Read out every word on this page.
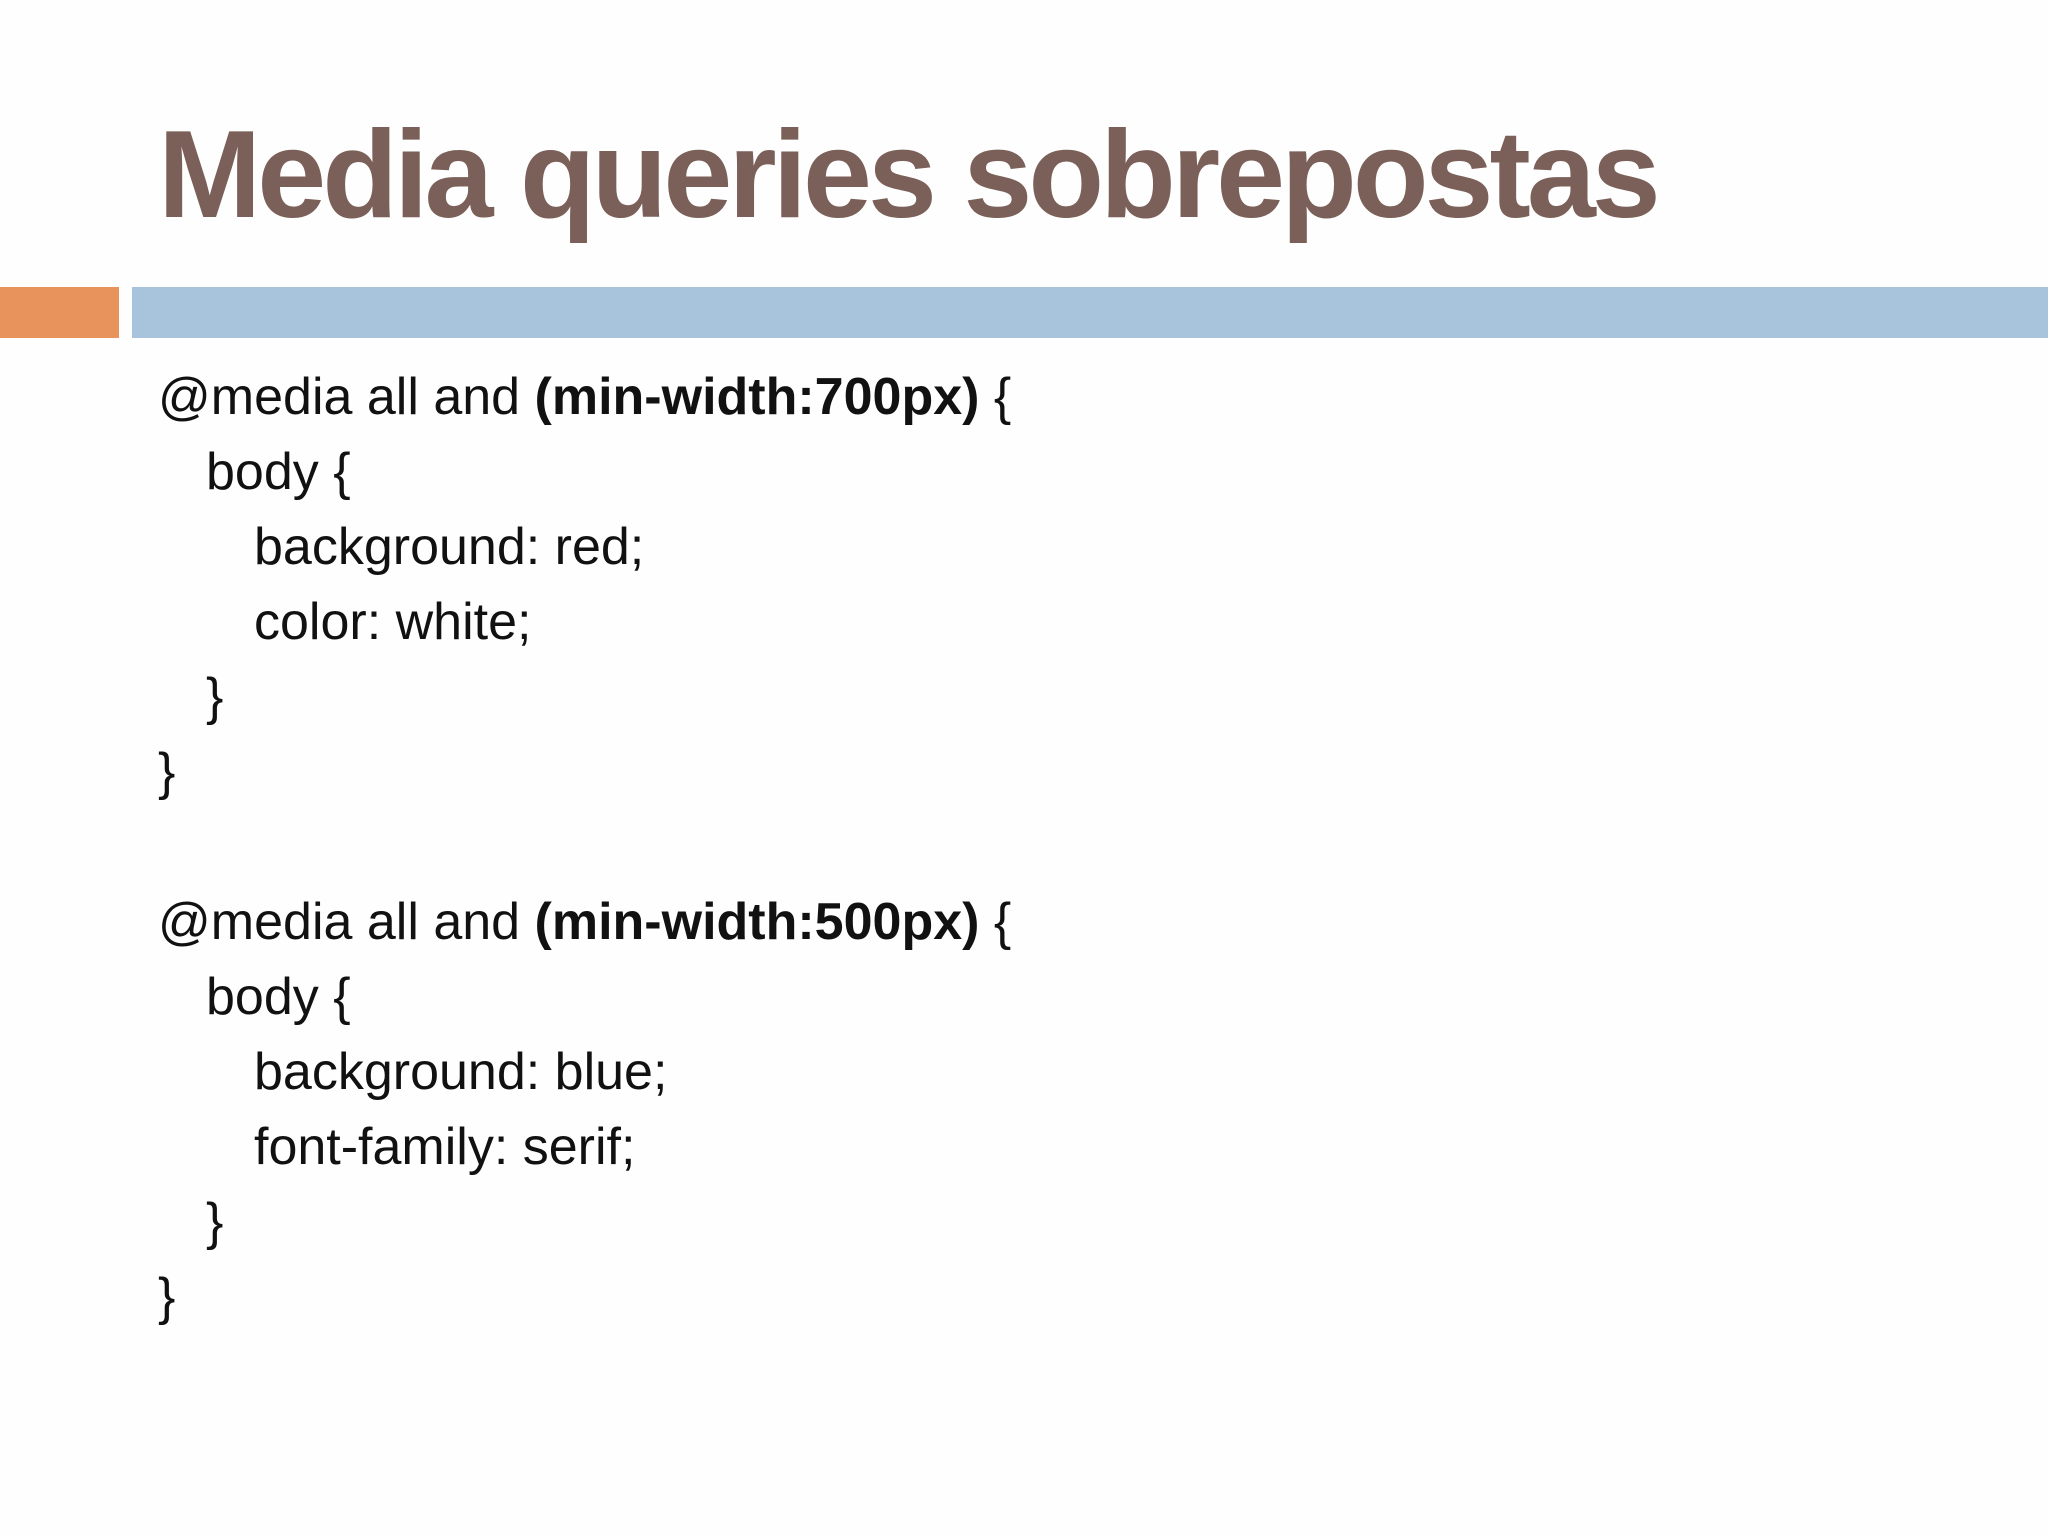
Media queries sobrepostas
@media all and (min-width:700px) {
body {
background: red;
color: white;
}
}
@media all and (min-width:500px) {
body {
background: blue;
font-family: serif;
}
}
